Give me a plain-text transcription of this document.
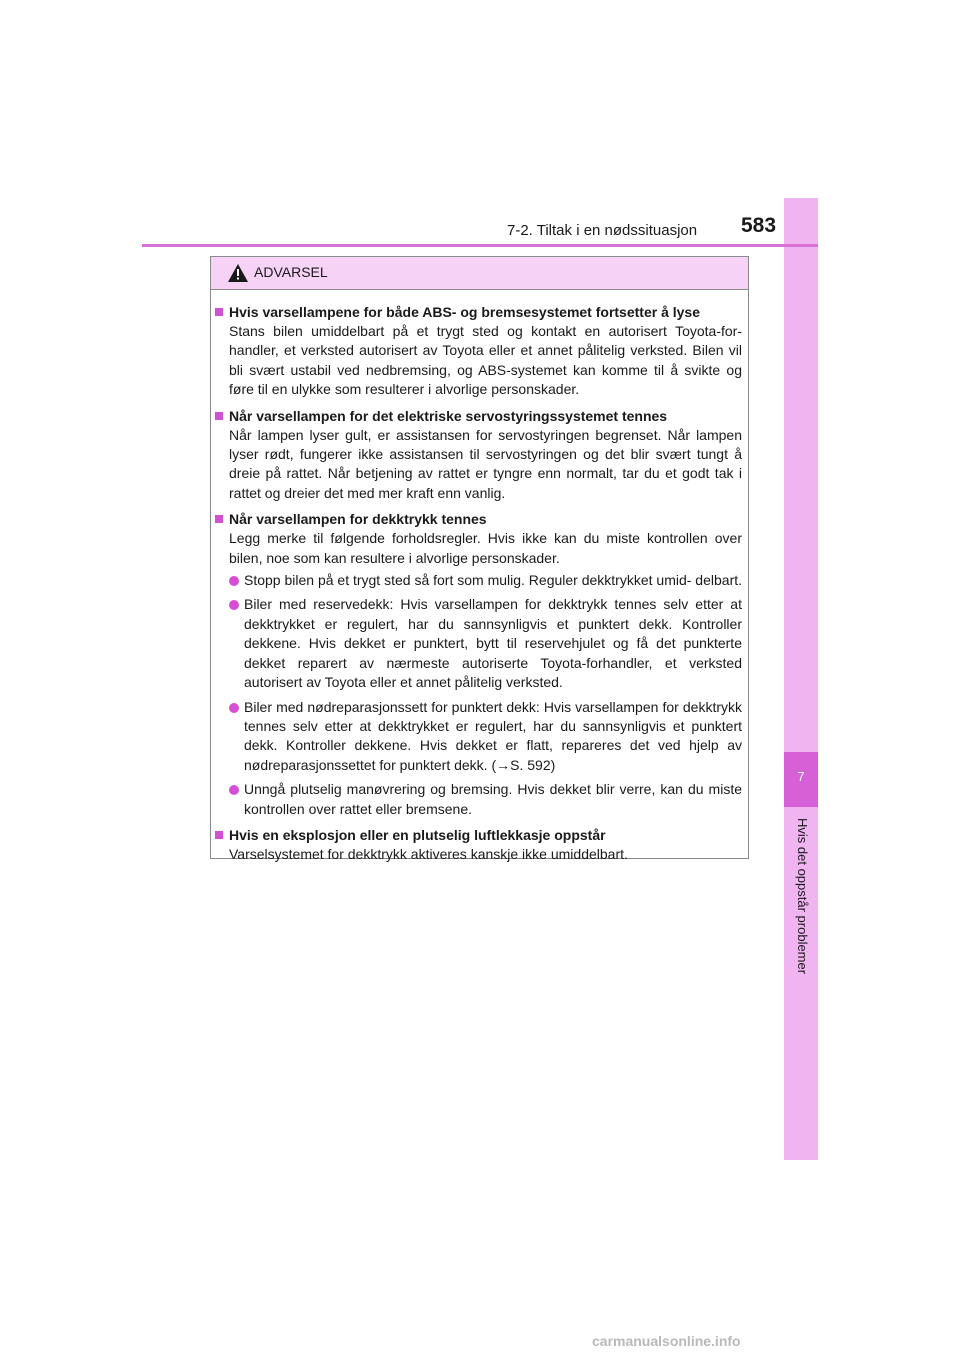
7
Hvis det oppstår problemer
7-2. Tiltak i en nødssituasjon 583
ADVARSEL
Hvis varsellampene for både ABS- og bremsesystemet fortsetter å lyse
Stans bilen umiddelbart på et trygt sted og kontakt en autorisert Toyota-for- handler, et verksted autorisert av Toyota eller et annet pålitelig verksted. Bilen vil bli svært ustabil ved nedbremsing, og ABS-systemet kan komme til å svikte og føre til en ulykke som resulterer i alvorlige personskader.
Når varsellampen for det elektriske servostyringssystemet tennes
Når lampen lyser gult, er assistansen for servostyringen begrenset. Når lampen lyser rødt, fungerer ikke assistansen til servostyringen og det blir svært tungt å dreie på rattet. Når betjening av rattet er tyngre enn normalt, tar du et godt tak i rattet og dreier det med mer kraft enn vanlig.
Når varsellampen for dekktrykk tennes
Legg merke til følgende forholdsregler. Hvis ikke kan du miste kontrollen over bilen, noe som kan resultere i alvorlige personskader.
Stopp bilen på et trygt sted så fort som mulig. Reguler dekktrykket umid- delbart.
Biler med reservedekk: Hvis varsellampen for dekktrykk tennes selv etter at dekktrykket er regulert, har du sannsynligvis et punktert dekk. Kontroller dekkene. Hvis dekket er punktert, bytt til reservehjulet og få det punkterte dekket reparert av nærmeste autoriserte Toyota-forhandler, et verksted autorisert av Toyota eller et annet pålitelig verksted.
Biler med nødreparasjonssett for punktert dekk: Hvis varsellampen for dekktrykk tennes selv etter at dekktrykket er regulert, har du sannsynligvis et punktert dekk. Kontroller dekkene. Hvis dekket er flatt, repareres det ved hjelp av nødreparasjonssettet for punktert dekk. (→S. 592)
Unngå plutselig manøvrering og bremsing. Hvis dekket blir verre, kan du miste kontrollen over rattet eller bremsene.
Hvis en eksplosjon eller en plutselig luftlekkasje oppstår
Varselsystemet for dekktrykk aktiveres kanskje ikke umiddelbart.
carmanualsonline.info
